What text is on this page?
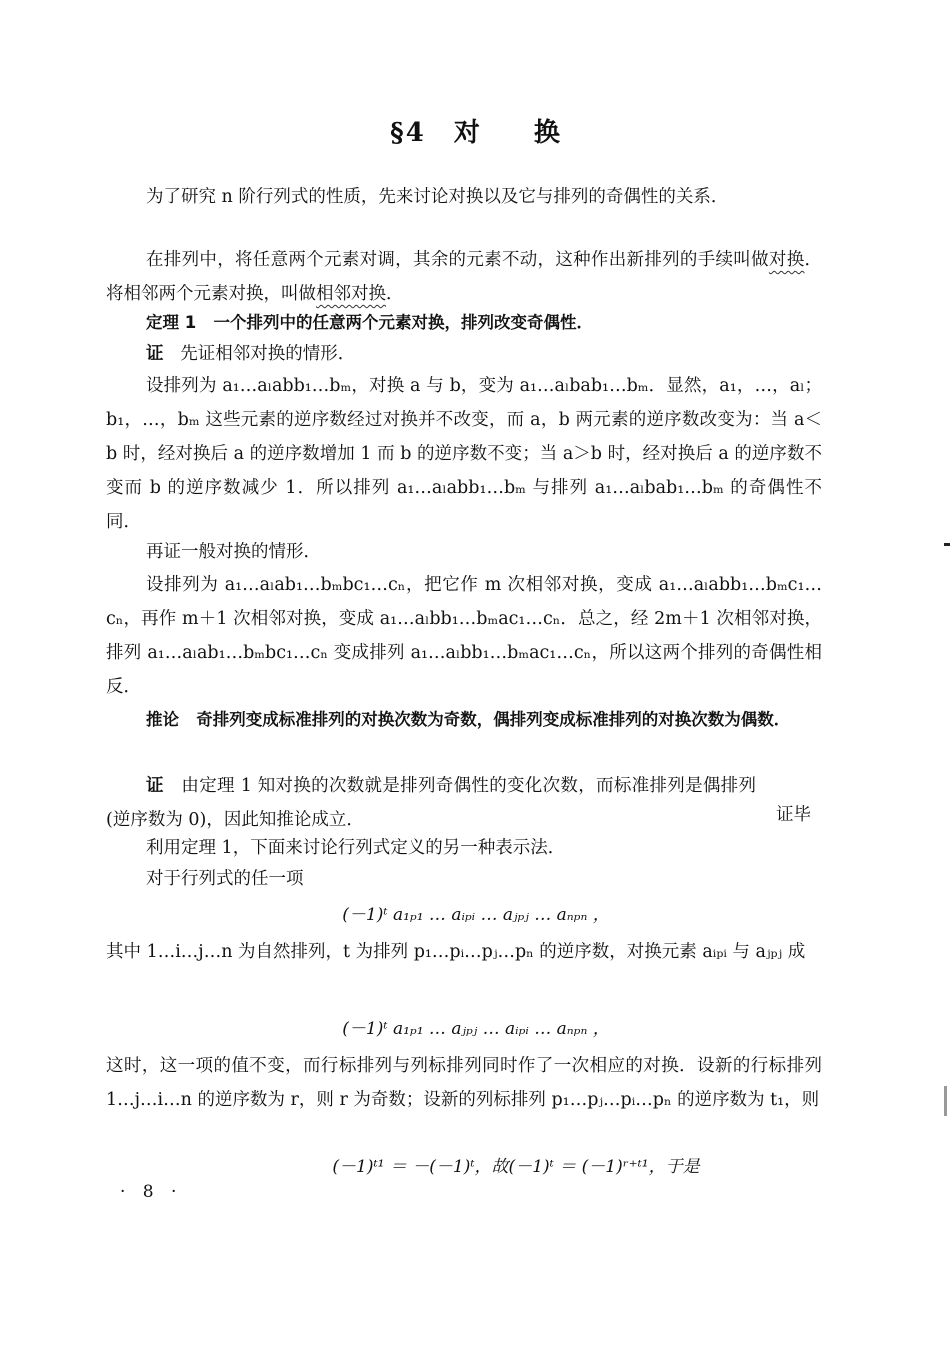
§4 对 换

为了研究 n 阶行列式的性质，先来讨论对换以及它与排列的奇偶性的关系．

在排列中，将任意两个元素对调，其余的元素不动，这种作出新排列的手续叫做对换．将相邻两个元素对换，叫做相邻对换．

定理 1 一个排列中的任意两个元素对换，排列改变奇偶性．

证 先证相邻对换的情形．

设排列为 a₁…aₗabb₁…bₘ，对换 a 与 b，变为 a₁…aₗbab₁…bₘ．显然，a₁，…，aₗ；b₁，…，bₘ 这些元素的逆序数经过对换并不改变，而 a，b 两元素的逆序数改变为：当 a＜b 时，经对换后 a 的逆序数增加 1 而 b 的逆序数不变；当 a＞b 时，经对换后 a 的逆序数不变而 b 的逆序数减少 1．所以排列 a₁…aₗabb₁…bₘ 与排列 a₁…aₗbab₁…bₘ 的奇偶性不同．

再证一般对换的情形．

设排列为 a₁…aₗab₁…bₘbc₁…cₙ，把它作 m 次相邻对换，变成 a₁…aₗabb₁…bₘc₁…cₙ，再作 m＋1 次相邻对换，变成 a₁…aₗbb₁…bₘac₁…cₙ．总之，经 2m＋1 次相邻对换，排列 a₁…aₗab₁…bₘbc₁…cₙ 变成排列 a₁…aₗbb₁…bₘac₁…cₙ，所以这两个排列的奇偶性相反．

推论 奇排列变成标准排列的对换次数为奇数，偶排列变成标准排列的对换次数为偶数．

证 由定理 1 知对换的次数就是排列奇偶性的变化次数，而标准排列是偶排列(逆序数为 0)，因此知推论成立．	证毕

利用定理 1，下面来讨论行列式定义的另一种表示法．

对于行列式的任一项

(－1)ᵗ a₁ₚ₁ … aᵢₚᵢ … aⱼₚⱼ … aₙₚₙ ，

其中 1…i…j…n 为自然排列，t 为排列 p₁…pᵢ…pⱼ…pₙ 的逆序数，对换元素 aᵢₚᵢ 与 aⱼₚⱼ 成

(－1)ᵗ a₁ₚ₁ … aⱼₚⱼ … aᵢₚᵢ … aₙₚₙ ，

这时，这一项的值不变，而行标排列与列标排列同时作了一次相应的对换．设新的行标排列 1…j…i…n 的逆序数为 r，则 r 为奇数；设新的列标排列 p₁…pⱼ…pᵢ…pₙ 的逆序数为 t₁，则

(－1)ᵗ¹ ＝ －(－1)ᵗ，故(－1)ᵗ ＝ (－1)ʳ⁺ᵗ¹，于是
· 8 ·
